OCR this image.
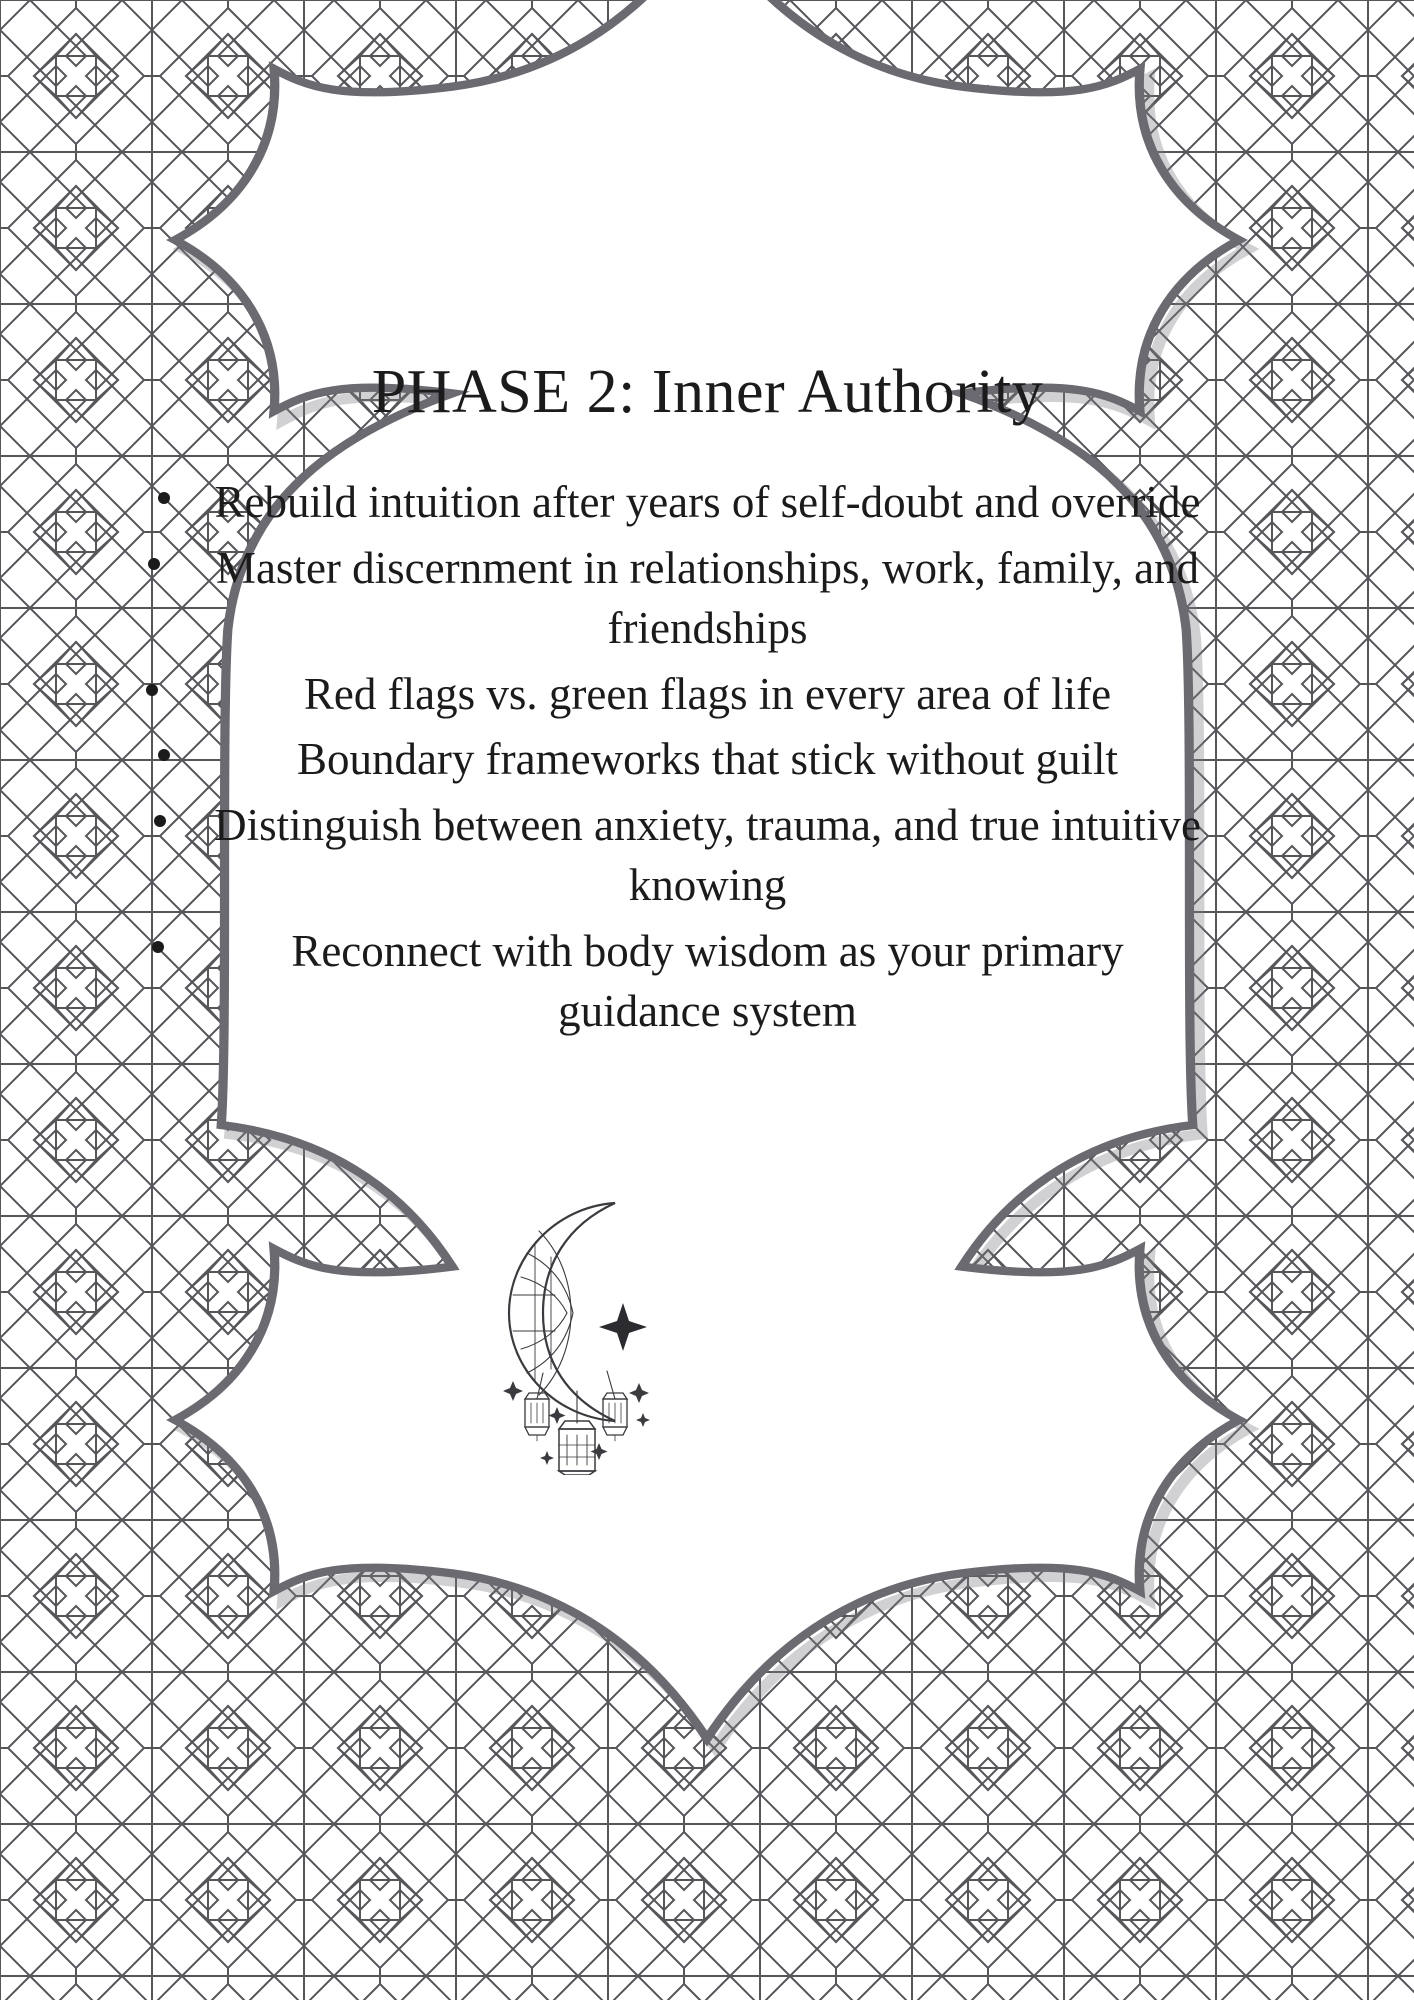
PHASE 2: Inner Authority
Rebuild intuition after years of self-doubt and override
Master discernment in relationships, work, family, and friendships
Red flags vs. green flags in every area of life
Boundary frameworks that stick without guilt
Distinguish between anxiety, trauma, and true intuitive knowing
Reconnect with body wisdom as your primary guidance system
